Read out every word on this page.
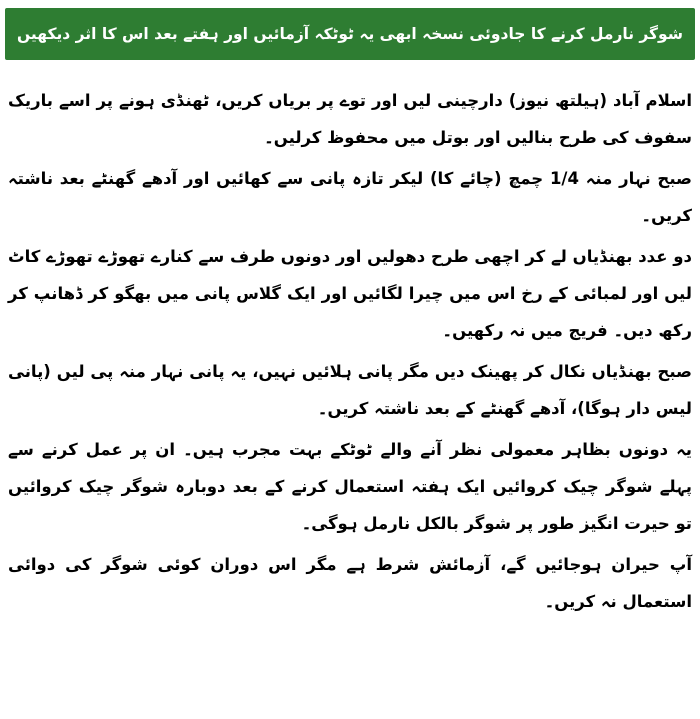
شوگر نارمل کرنے کا جادوئی نسخہ ابھی یہ ٹوٹکہ آزمائیں اور ہفتے بعد اس کا اثر دیکھیں

اسلام آباد (ہیلتھ نیوز) دارچینی لیں اور توے پر بریاں کریں، ٹھنڈی ہونے پر اسے باریک سفوف کی طرح بنالیں اور بوتل میں محفوظ کرلیں۔

صبح نہار منہ 1/4 چمچ (چائے کا) لیکر تازہ پانی سے کھائیں اور آدھے گھنٹے بعد ناشتہ کریں۔

دو عدد بھنڈیاں لے کر اچھی طرح دھولیں اور دونوں طرف سے کنارے تھوڑے تھوڑے کاٹ لیں اور لمبائی کے رخ اس میں چیرا لگائیں اور ایک گلاس پانی میں بھگو کر ڈھانپ کر رکھ دیں۔ فریج میں نہ رکھیں۔

صبح بھنڈیاں نکال کر پھینک دیں مگر پانی ہلائیں نہیں، یہ پانی نہار منہ پی لیں (پانی لیس دار ہوگا)، آدھے گھنٹے کے بعد ناشتہ کریں۔

یہ دونوں بظاہر معمولی نظر آنے والے ٹوٹکے بہت مجرب ہیں۔ ان پر عمل کرنے سے پہلے شوگر چیک کروائیں ایک ہفتہ استعمال کرنے کے بعد دوبارہ شوگر چیک کروائیں تو حیرت انگیز طور پر شوگر بالکل نارمل ہوگی۔

آپ حیران ہوجائیں گے، آزمائش شرط ہے مگر اس دوران کوئی شوگر کی دوائی استعمال نہ کریں۔
